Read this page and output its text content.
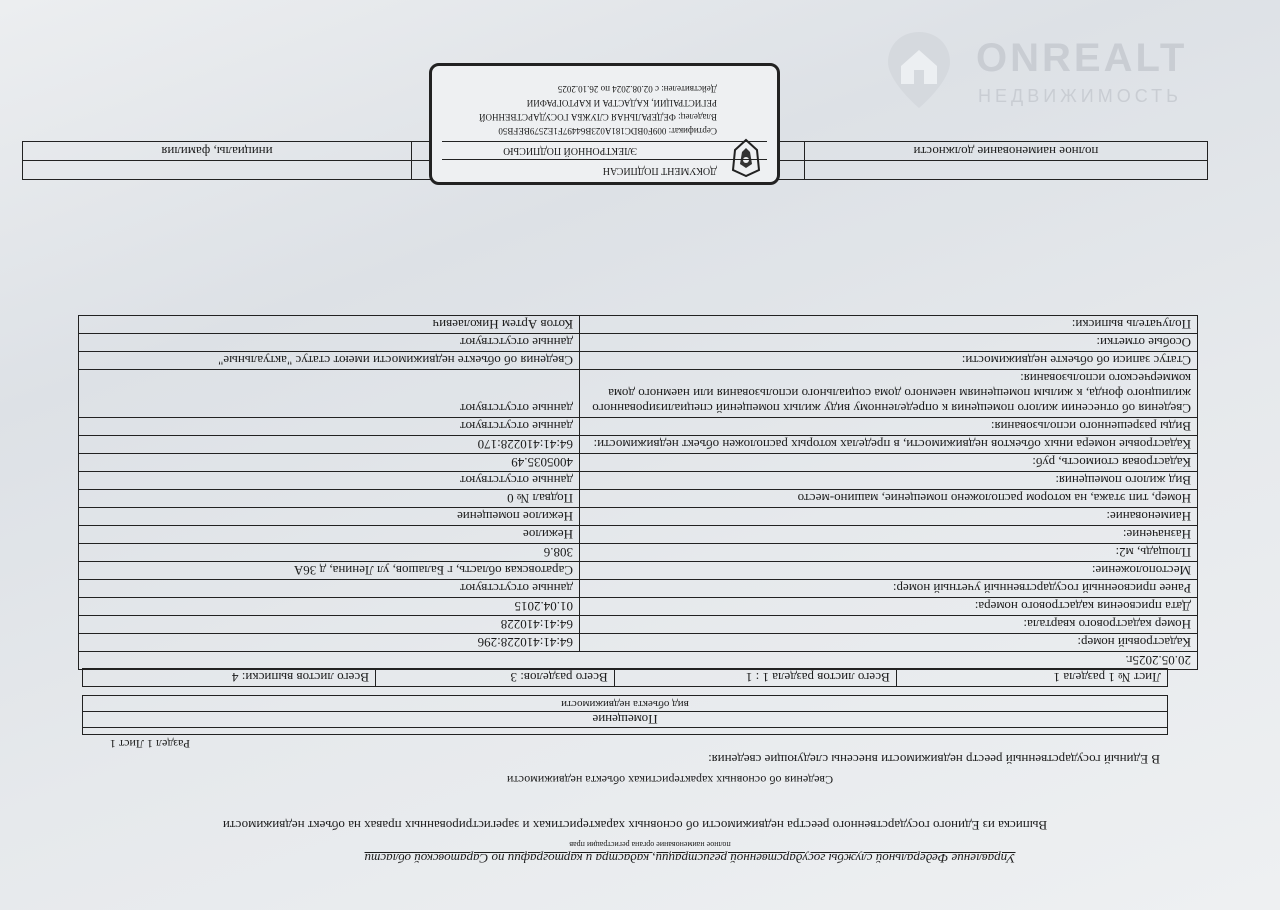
Управление Федеральной службы государственной регистрации, кадастра и картографии по Саратовской области
полное наименование органа регистрации прав
Выписка из Единого государственного реестра недвижимости об основных характеристиках и зарегистрированных правах на объект недвижимости
Сведения об основных характеристиках объекта недвижимости
В Единый государственный реестр недвижимости внесены следующие сведения:
Раздел 1 Лист 1

Помещение

вид объекта недвижимости
Лист № 1 раздела 1	Всего листов раздела 1 : 1	Всего разделов: 3	Всего листов выписки: 4
20.05.2025г.	
Кадастровый номер:	64:41:410228:296
Номер кадастрового квартала:	64:41:410228
Дата присвоения кадастрового номера:	01.04.2015
Ранее присвоенный государственный учетный номер:	данные отсутствуют
Местоположение:	Саратовская область, г Балашов, ул Ленина, д 36А
Площадь, м2:	308.6
Назначение:	Нежилое
Наименование:	Нежилое помещение
Номер, тип этажа, на котором расположено помещение, машино-место	Подвал № 0
Вид жилого помещения:	данные отсутствуют
Кадастровая стоимость, руб:	4005035.49
Кадастровые номера иных объектов недвижимости, в пределах которых расположен объект недвижимости:	64:41:410228:170
Виды разрешенного использования:	данные отсутствуют
Сведения об отнесении жилого помещения к определенному виду жилых помещений специализированного жилищного фонда, к жилым помещениям наемного дома социального использования или наемного дома коммерческого использования:	данные отсутствуют
Статус записи об объекте недвижимости:	Сведения об объекте недвижимости имеют статус "актуальные"
Особые отметки:	данные отсутствуют
Получатель выписки:	Котов Артем Николаевич

полное наименование должности		инициалы, фамилия
ДОКУМЕНТ ПОДПИСАН
ЭЛЕКТРОННОЙ ПОДПИСЬЮ
Сертификат: 009F0BDC181A023B64497F1E2579BEFB50
Владелец: ФЕДЕРАЛЬНАЯ СЛУЖБА ГОСУДАРСТВЕННОЙ
РЕГИСТРАЦИИ, КАДАСТРА И КАРТОГРАФИИ
Действителен: с 02.08.2024 по 26.10.2025
ONREALT
НЕДВИЖИМОСТЬ
